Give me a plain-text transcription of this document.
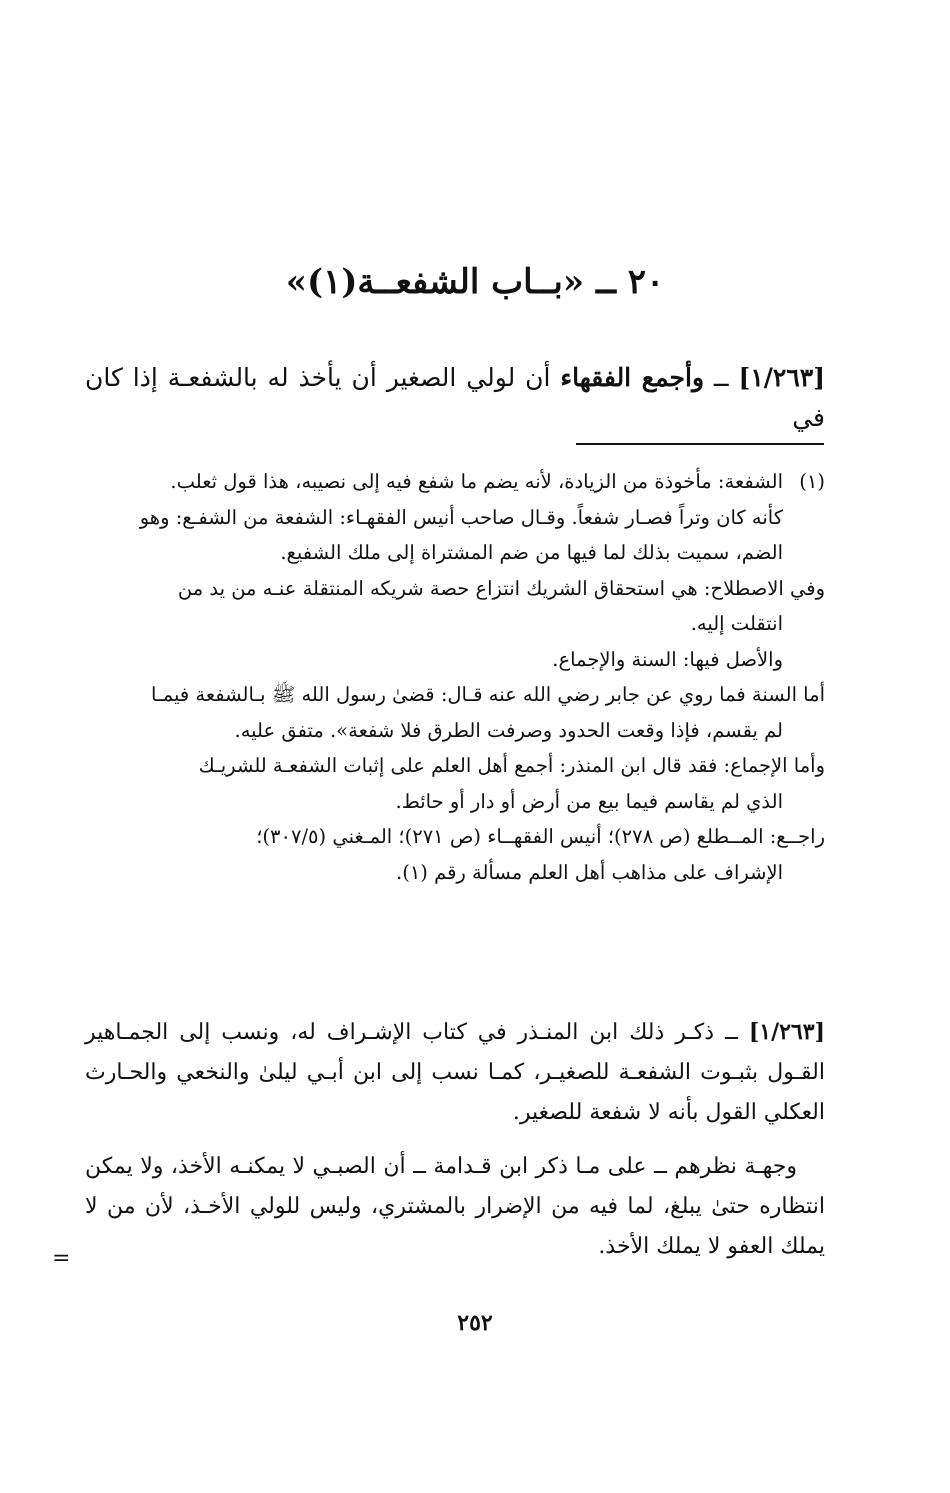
٢٠ ــ «بــاب الشفعــة(١)»
[١/٢٦٣] ــ وأجمع الفقهاء أن لولي الصغير أن يأخذ له بالشفعـة إذا كان في
(١)

الشفعة: مأخوذة من الزيادة، لأنه يضم ما شفع فيه إلى نصيبه، هذا قول ثعلب.

كأنه كان وتراً فصـار شفعاً. وقـال صاحب أنيس الفقهـاء: الشفعة من الشفـع: وهو

الضم، سميت بذلك لما فيها من ضم المشتراة إلى ملك الشفيع.

وفي الاصطلاح: هي استحقاق الشريك انتزاع حصة شريكه المنتقلة عنـه من يد من

انتقلت إليه.

والأصل فيها: السنة والإجماع.

أما السنة فما روي عن جابر رضي الله عنه قـال: قضىٰ رسول الله ﷺ بـالشفعة فيمـا

لم يقسم، فإذا وقعت الحدود وصرفت الطرق فلا شفعة». متفق عليه.

وأما الإجماع: فقد قال ابن المنذر: أجمع أهل العلم على إثبات الشفعـة للشريـك

الذي لم يقاسم فيما بيع من أرض أو دار أو حائط.

راجــع: المــطلع (ص ٢٧٨)؛ أنيس الفقهــاء (ص ٢٧١)؛ المـغني (٣٠٧/٥)؛

الإشراف على مذاهب أهل العلم مسألة رقم (١).

[١/٢٦٣] ــ ذكـر ذلك ابن المنـذر في كتاب الإشـراف له، ونسب إلى الجمـاهير القـول بثبـوت الشفعـة للصغيـر، كمـا نسب إلى ابن أبـي ليلىٰ والنخعي والحـارث العكلي القول بأنه لا شفعة للصغير.

وجهـة نظرهم ــ على مـا ذكر ابن قـدامة ــ أن الصبـي لا يمكنـه الأخذ، ولا يمكن انتظاره حتىٰ يبلغ، لما فيه من الإضرار بالمشتري، وليس للولي الأخـذ، لأن من لا يملك العفو لا يملك الأخذ.

=
٢٥٢
